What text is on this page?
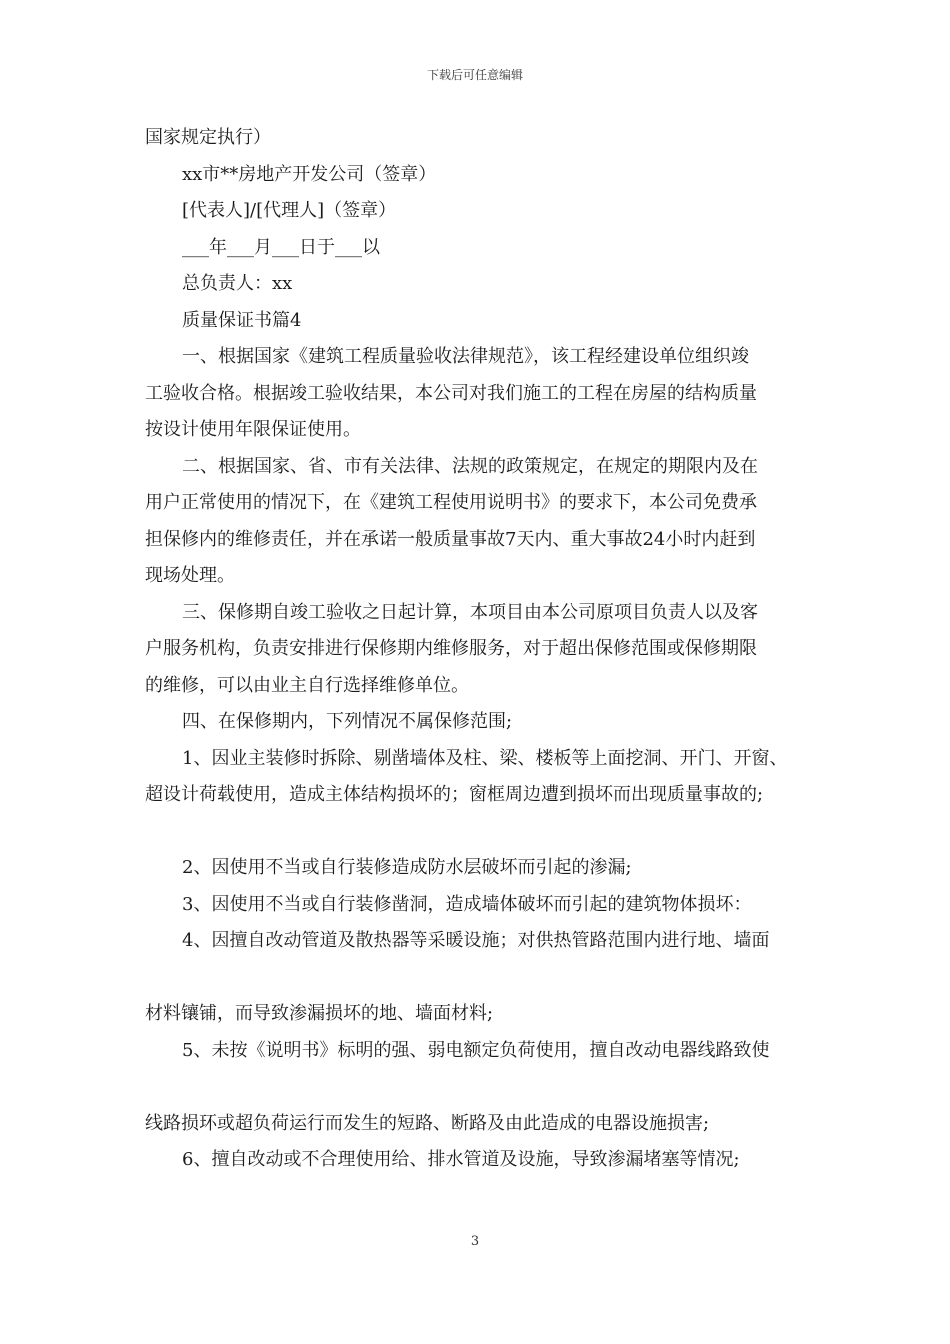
下载后可任意编辑
国家规定执行）
xx市**房地产开发公司（签章）
[代表人]/[代理人]（签章）
___年___月___日于___以
总负责人：xx
质量保证书篇4
一、根据国家《建筑工程质量验收法律规范》，该工程经建设单位组织竣
工验收合格。根据竣工验收结果，本公司对我们施工的工程在房屋的结构质量
按设计使用年限保证使用。
二、根据国家、省、市有关法律、法规的政策规定，在规定的期限内及在
用户正常使用的情况下，在《建筑工程使用说明书》的要求下，本公司免费承
担保修内的维修责任，并在承诺一般质量事故7天内、重大事故24小时内赶到
现场处理。
三、保修期自竣工验收之日起计算，本项目由本公司原项目负责人以及客
户服务机构，负责安排进行保修期内维修服务，对于超出保修范围或保修期限
的维修，可以由业主自行选择维修单位。
四、在保修期内，下列情况不属保修范围;
1、因业主装修时拆除、剔凿墙体及柱、梁、楼板等上面挖洞、开门、开窗、
超设计荷载使用，造成主体结构损坏的；窗框周边遭到损坏而出现质量事故的;
2、因使用不当或自行装修造成防水层破坏而引起的渗漏;
3、因使用不当或自行装修凿洞，造成墙体破坏而引起的建筑物体损坏：
4、因擅自改动管道及散热器等采暖设施；对供热管路范围内进行地、墙面
材料镶铺，而导致渗漏损坏的地、墙面材料;
5、未按《说明书》标明的强、弱电额定负荷使用，擅自改动电器线路致使
线路损环或超负荷运行而发生的短路、断路及由此造成的电器设施损害;
6、擅自改动或不合理使用给、排水管道及设施，导致渗漏堵塞等情况;
3
